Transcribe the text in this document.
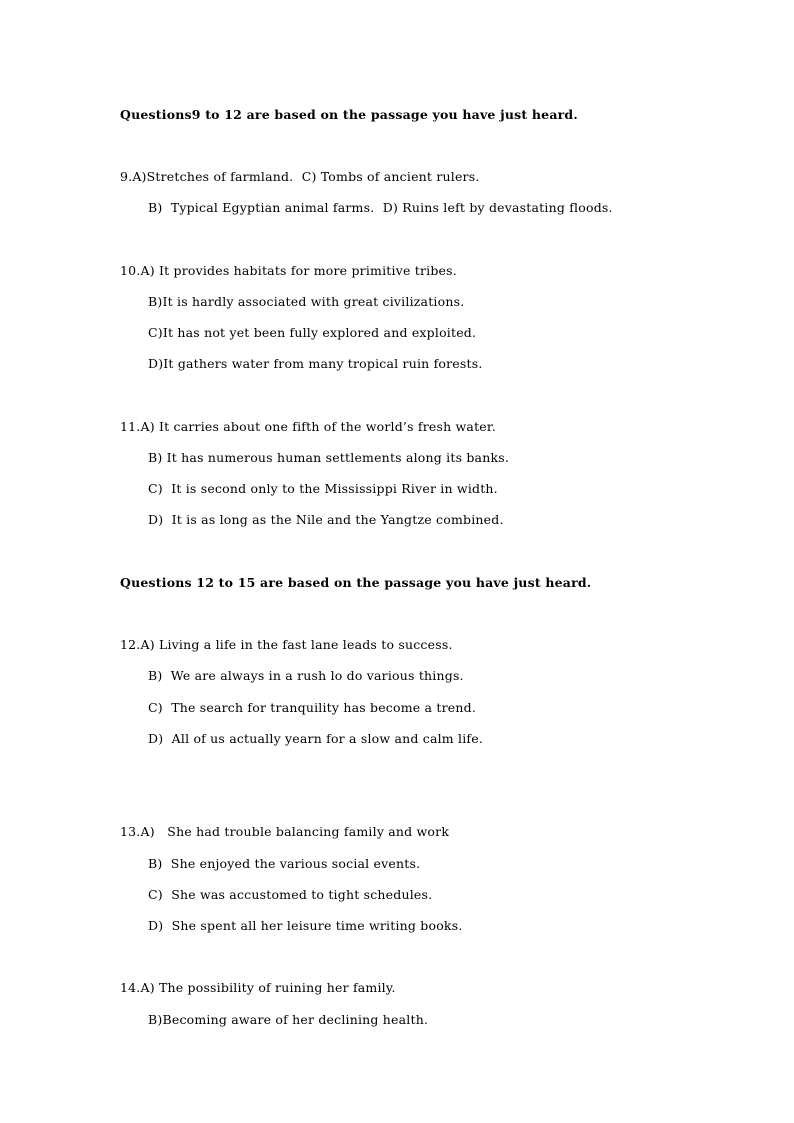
Questions9 to 12 are based on the passage you have just heard.
9.A)Stretches of farmland.  C) Tombs of ancient rulers.
B)  Typical Egyptian animal farms.  D) Ruins left by devastating floods.
10.A) It provides habitats for more primitive tribes.
B)It is hardly associated with great civilizations.
C)It has not yet been fully explored and exploited.
D)It gathers water from many tropical ruin forests.
11.A) It carries about one fifth of the world’s fresh water.
B) It has numerous human settlements along its banks.
C)  It is second only to the Mississippi River in width.
D)  It is as long as the Nile and the Yangtze combined.
Questions 12 to 15 are based on the passage you have just heard.
12.A) Living a life in the fast lane leads to success.
B)  We are always in a rush lo do various things.
C)  The search for tranquility has become a trend.
D)  All of us actually yearn for a slow and calm life.
13.A)   She had trouble balancing family and work
B)  She enjoyed the various social events.
C)  She was accustomed to tight schedules.
D)  She spent all her leisure time writing books.
14.A) The possibility of ruining her family.
B)Becoming aware of her declining health.
